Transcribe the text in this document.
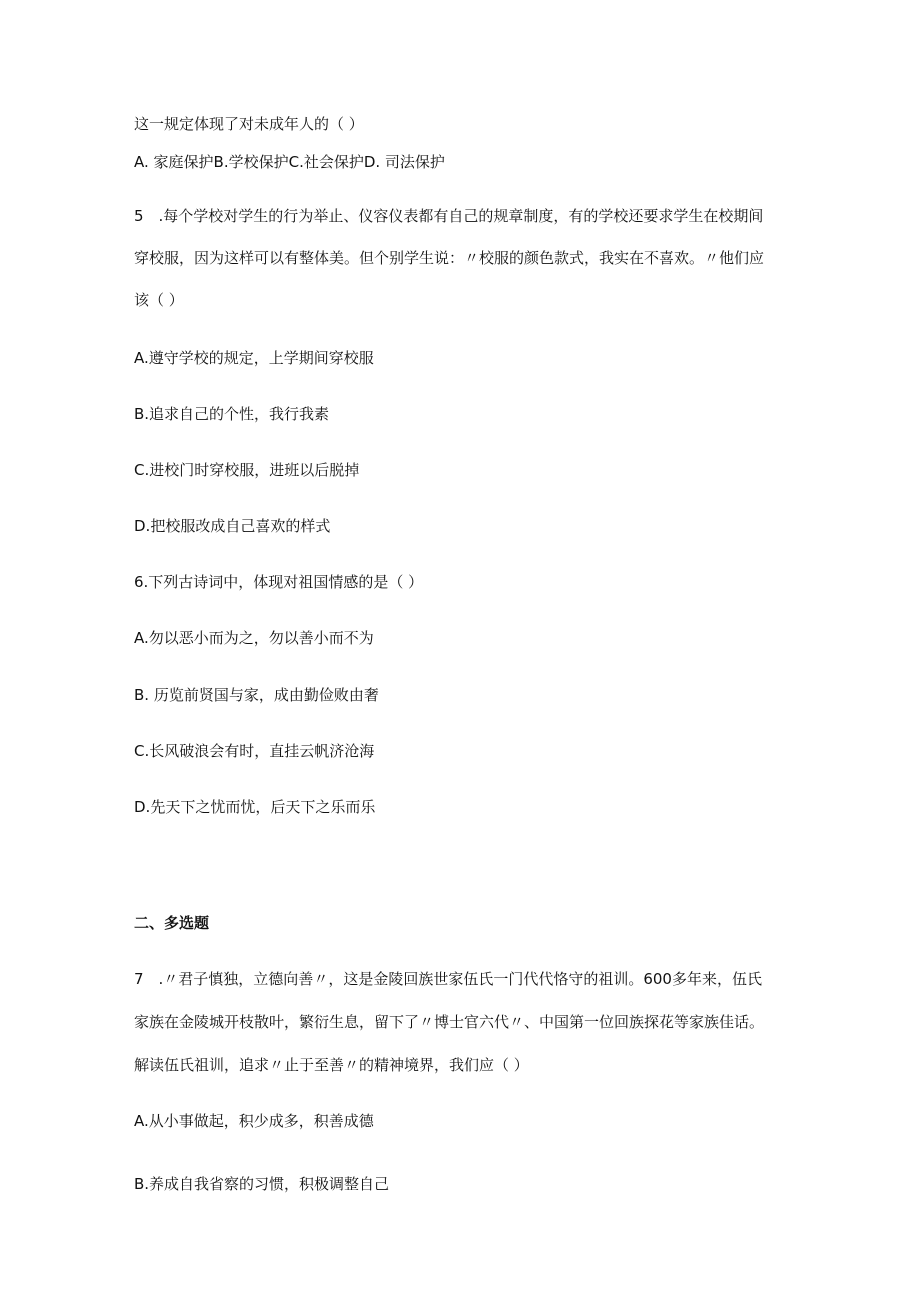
这一规定体现了对未成年人的（ ）
A. 家庭保护B.学校保护C.社会保护D. 司法保护
5　.每个学校对学生的行为举止、仪容仪表都有自己的规章制度，有的学校还要求学生在校期间
穿校服，因为这样可以有整体美。但个别学生说：〃校服的颜色款式，我实在不喜欢。〃他们应
该（ ）
A.遵守学校的规定，上学期间穿校服
B.追求自己的个性，我行我素
C.进校门时穿校服，进班以后脱掉
D.把校服改成自己喜欢的样式
6.下列古诗词中，体现对祖国情感的是（ ）
A.勿以恶小而为之，勿以善小而不为
B. 历览前贤国与家，成由勤俭败由奢
C.长风破浪会有时，直挂云帆济沧海
D.先天下之忧而忧，后天下之乐而乐
二、多选题
7　.〃君子慎独，立德向善〃，这是金陵回族世家伍氏一门代代恪守的祖训。600多年来，伍氏
家族在金陵城开枝散叶，繁衍生息，留下了〃博士官六代〃、中国第一位回族探花等家族佳话。
解读伍氏祖训，追求〃止于至善〃的精神境界，我们应（ ）
A.从小事做起，积少成多，积善成德
B.养成自我省察的习惯，积极调整自己
